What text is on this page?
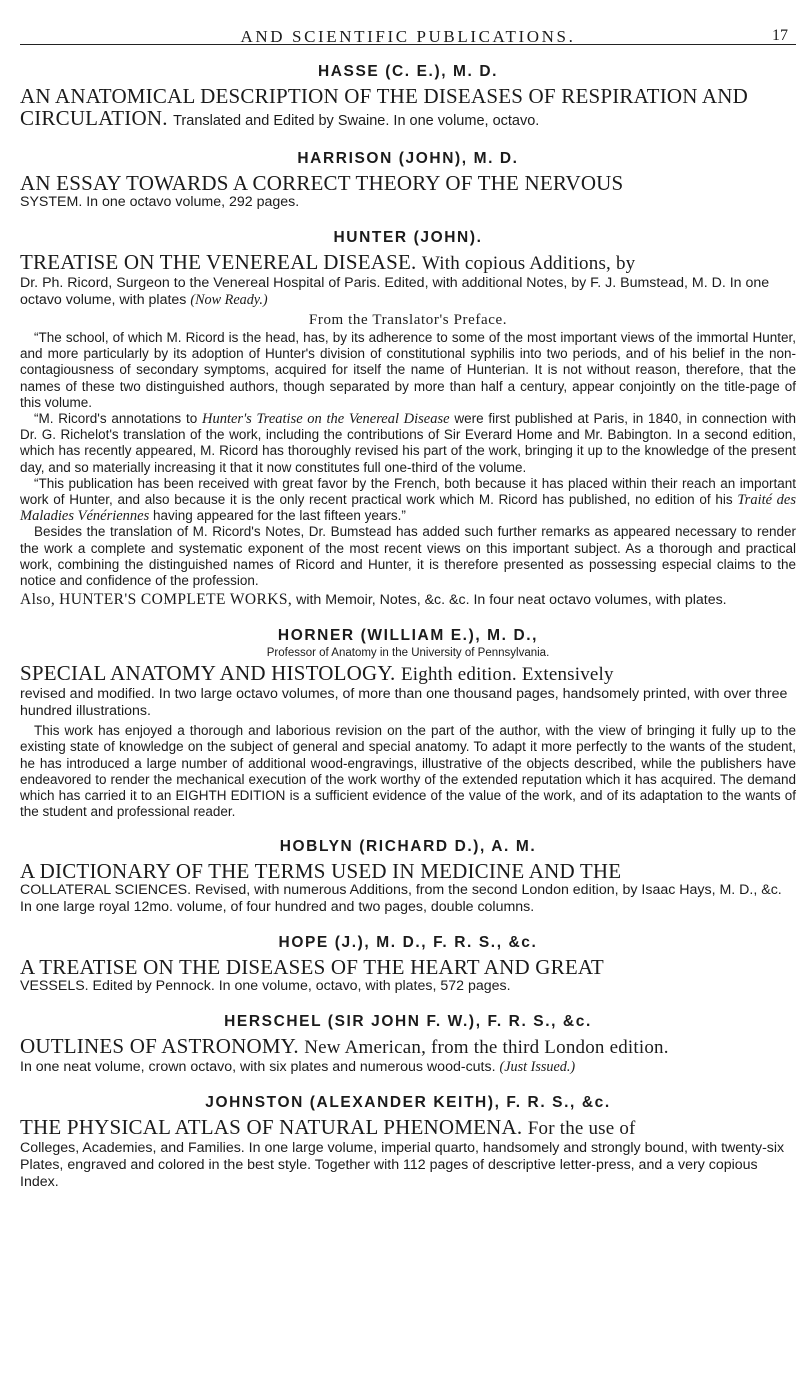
AND SCIENTIFIC PUBLICATIONS.	17
HASSE (C. E.), M. D.
AN ANATOMICAL DESCRIPTION OF THE DISEASES OF RESPIRATION AND CIRCULATION. Translated and Edited by Swaine. In one volume, octavo.
HARRISON (JOHN), M. D.
AN ESSAY TOWARDS A CORRECT THEORY OF THE NERVOUS
SYSTEM. In one octavo volume, 292 pages.
HUNTER (JOHN).
TREATISE ON THE VENEREAL DISEASE. With copious Additions, by
Dr. Ph. Ricord, Surgeon to the Venereal Hospital of Paris. Edited, with additional Notes, by F. J. Bumstead, M. D. In one octavo volume, with plates (Now Ready.)
From the Translator's Preface.

“The school, of which M. Ricord is the head, has, by its adherence to some of the most important views of the immortal Hunter, and more particularly by its adoption of Hunter's division of constitutional syphilis into two periods, and of his belief in the non-contagiousness of secondary symptoms, acquired for itself the name of Hunterian. It is not without reason, therefore, that the names of these two distinguished authors, though separated by more than half a century, appear conjointly on the title-page of this volume.

“M. Ricord's annotations to Hunter's Treatise on the Venereal Disease were first published at Paris, in 1840, in connection with Dr. G. Richelot's translation of the work, including the contributions of Sir Everard Home and Mr. Babington. In a second edition, which has recently appeared, M. Ricord has thoroughly revised his part of the work, bringing it up to the knowledge of the present day, and so materially increasing it that it now constitutes full one-third of the volume.

“This publication has been received with great favor by the French, both because it has placed within their reach an important work of Hunter, and also because it is the only recent practical work which M. Ricord has published, no edition of his Traité des Maladies Vénériennes having appeared for the last fifteen years.”

Besides the translation of M. Ricord's Notes, Dr. Bumstead has added such further remarks as appeared necessary to render the work a complete and systematic exponent of the most recent views on this important subject. As a thorough and practical work, combining the distinguished names of Ricord and Hunter, it is therefore presented as possessing especial claims to the notice and confidence of the profession.

Also, HUNTER'S COMPLETE WORKS, with Memoir, Notes, &c. &c. In four neat octavo volumes, with plates.
HORNER (WILLIAM E.), M. D.,
Professor of Anatomy in the University of Pennsylvania.
SPECIAL ANATOMY AND HISTOLOGY. Eighth edition. Extensively
revised and modified. In two large octavo volumes, of more than one thousand pages, handsomely printed, with over three hundred illustrations.

This work has enjoyed a thorough and laborious revision on the part of the author, with the view of bringing it fully up to the existing state of knowledge on the subject of general and special anatomy. To adapt it more perfectly to the wants of the student, he has introduced a large number of additional wood-engravings, illustrative of the objects described, while the publishers have endeavored to render the mechanical execution of the work worthy of the extended reputation which it has acquired. The demand which has carried it to an EIGHTH EDITION is a sufficient evidence of the value of the work, and of its adaptation to the wants of the student and professional reader.

HOBLYN (RICHARD D.), A. M.
A DICTIONARY OF THE TERMS USED IN MEDICINE AND THE
COLLATERAL SCIENCES. Revised, with numerous Additions, from the second London edition, by Isaac Hays, M. D., &c. In one large royal 12mo. volume, of four hundred and two pages, double columns.
HOPE (J.), M. D., F. R. S., &c.
A TREATISE ON THE DISEASES OF THE HEART AND GREAT
VESSELS. Edited by Pennock. In one volume, octavo, with plates, 572 pages.
HERSCHEL (SIR JOHN F. W.), F. R. S., &c.
OUTLINES OF ASTRONOMY. New American, from the third London edition.
In one neat volume, crown octavo, with six plates and numerous wood-cuts. (Just Issued.)
JOHNSTON (ALEXANDER KEITH), F. R. S., &c.
THE PHYSICAL ATLAS OF NATURAL PHENOMENA. For the use of
Colleges, Academies, and Families. In one large volume, imperial quarto, handsomely and strongly bound, with twenty-six Plates, engraved and colored in the best style. Together with 112 pages of descriptive letter-press, and a very copious Index.
